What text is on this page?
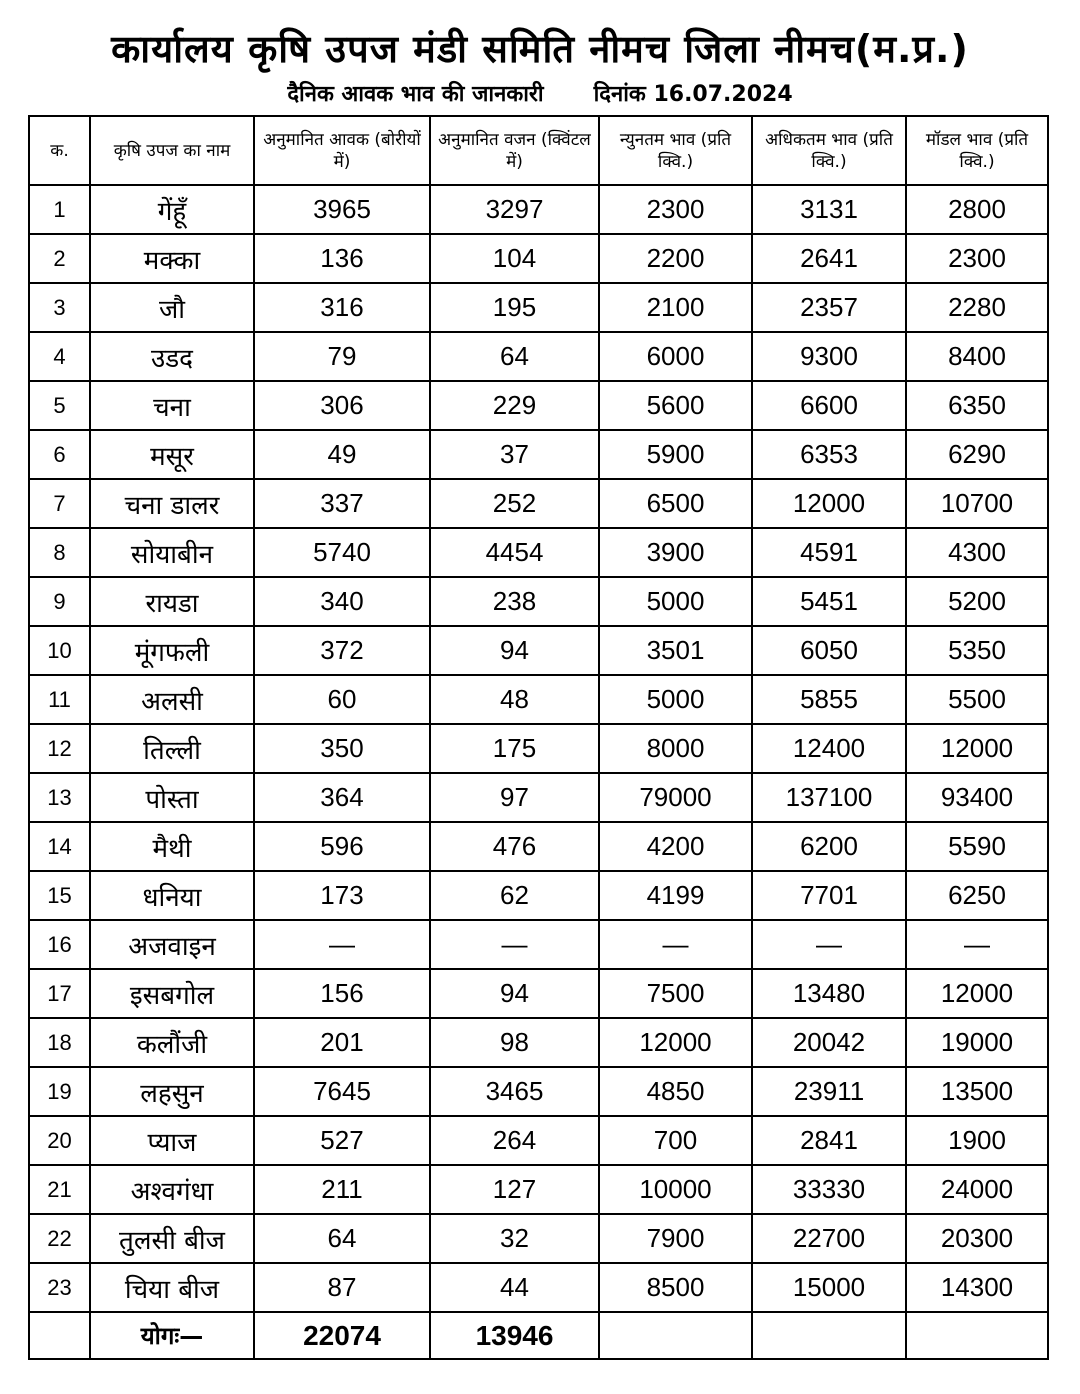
कार्यालय कृषि उपज मंडी समिति नीमच जिला नीमच(म.प्र.)
दैनिक आवक भाव की जानकारी दिनांक 16.07.2024
क.	कृषि उपज का नाम	अनुमानित आवक (बोरीयों में)	अनुमानित वजन (क्विंटल में)	न्युनतम भाव (प्रति क्वि.)	अधिकतम भाव (प्रति क्वि.)	मॉडल भाव (प्रति क्वि.)
1	गेंहूँ	3965	3297	2300	3131	2800
2	मक्का	136	104	2200	2641	2300
3	जौ	316	195	2100	2357	2280
4	उडद	79	64	6000	9300	8400
5	चना	306	229	5600	6600	6350
6	मसूर	49	37	5900	6353	6290
7	चना डालर	337	252	6500	12000	10700
8	सोयाबीन	5740	4454	3900	4591	4300
9	रायडा	340	238	5000	5451	5200
10	मूंगफली	372	94	3501	6050	5350
11	अलसी	60	48	5000	5855	5500
12	तिल्ली	350	175	8000	12400	12000
13	पोस्ता	364	97	79000	137100	93400
14	मैथी	596	476	4200	6200	5590
15	धनिया	173	62	4199	7701	6250
16	अजवाइन	—	—	—	—	—
17	इसबगोल	156	94	7500	13480	12000
18	कलौंजी	201	98	12000	20042	19000
19	लहसुन	7645	3465	4850	23911	13500
20	प्याज	527	264	700	2841	1900
21	अश्वगंधा	211	127	10000	33330	24000
22	तुलसी बीज	64	32	7900	22700	20300
23	चिया बीज	87	44	8500	15000	14300
	योगः—	22074	13946			
